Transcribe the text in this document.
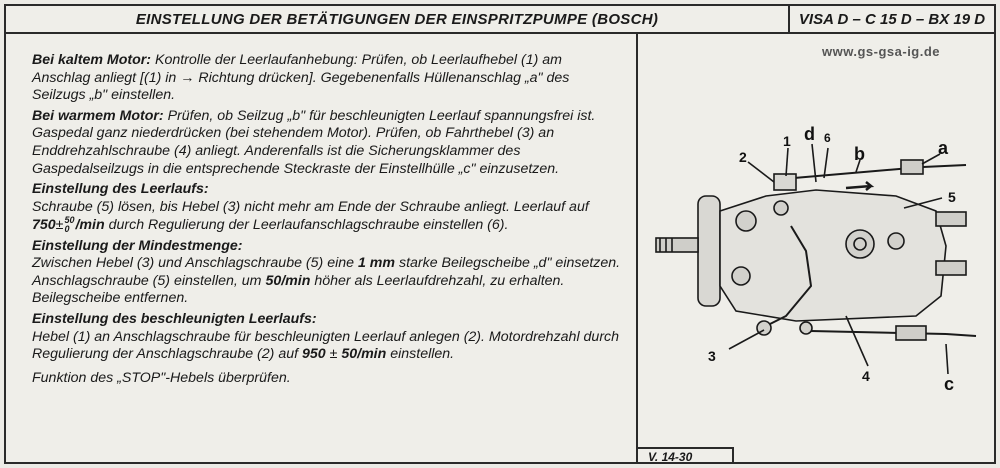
EINSTELLUNG DER BETÄTIGUNGEN DER EINSPRITZPUMPE (BOSCH)	VISA D – C 15 D – BX 19 D
www.gs-gsa-ig.de

Bei kaltem Motor: Kontrolle der Leerlaufanhebung: Prüfen, ob Leerlaufhebel (1) am Anschlag anliegt [(1) in → Richtung drücken]. Gegebenenfalls Hüllenanschlag „a" des Seilzugs „b" einstellen.

Bei warmem Motor: Prüfen, ob Seilzug „b" für beschleunigten Leerlauf spannungsfrei ist. Gaspedal ganz niederdrücken (bei stehendem Motor). Prüfen, ob Fahrthebel (3) an Enddrehzahlschraube (4) anliegt. Anderenfalls ist die Sicherungsklammer des Gaspedalseilzugs in die entsprechende Steckraste der Einstellhülle „c" einzusetzen.

Einstellung des Leerlaufs:
Schraube (5) lösen, bis Hebel (3) nicht mehr am Ende der Schraube anliegt. Leerlauf auf 750± 50
0 /min durch Regulierung der Leerlaufanschlagschraube einstellen (6).

Einstellung der Mindestmenge:
Zwischen Hebel (3) und Anschlagschraube (5) eine 1 mm starke Beilegscheibe „d" einsetzen. Anschlagschraube (5) einstellen, um 50/min höher als Leerlaufdrehzahl, zu erhalten. Beilegscheibe entfernen.

Einstellung des beschleunigten Leerlaufs:
Hebel (1) an Anschlagschraube für beschleunigten Leerlauf anlegen (2). Motordrehzahl durch Regulierung der Anschlagschraube (2) auf 950 ± 50/min einstellen.

Funktion des „STOP"-Hebels überprüfen.

V. 14-30
1
2
3
4
5
6	a
b
c
d
